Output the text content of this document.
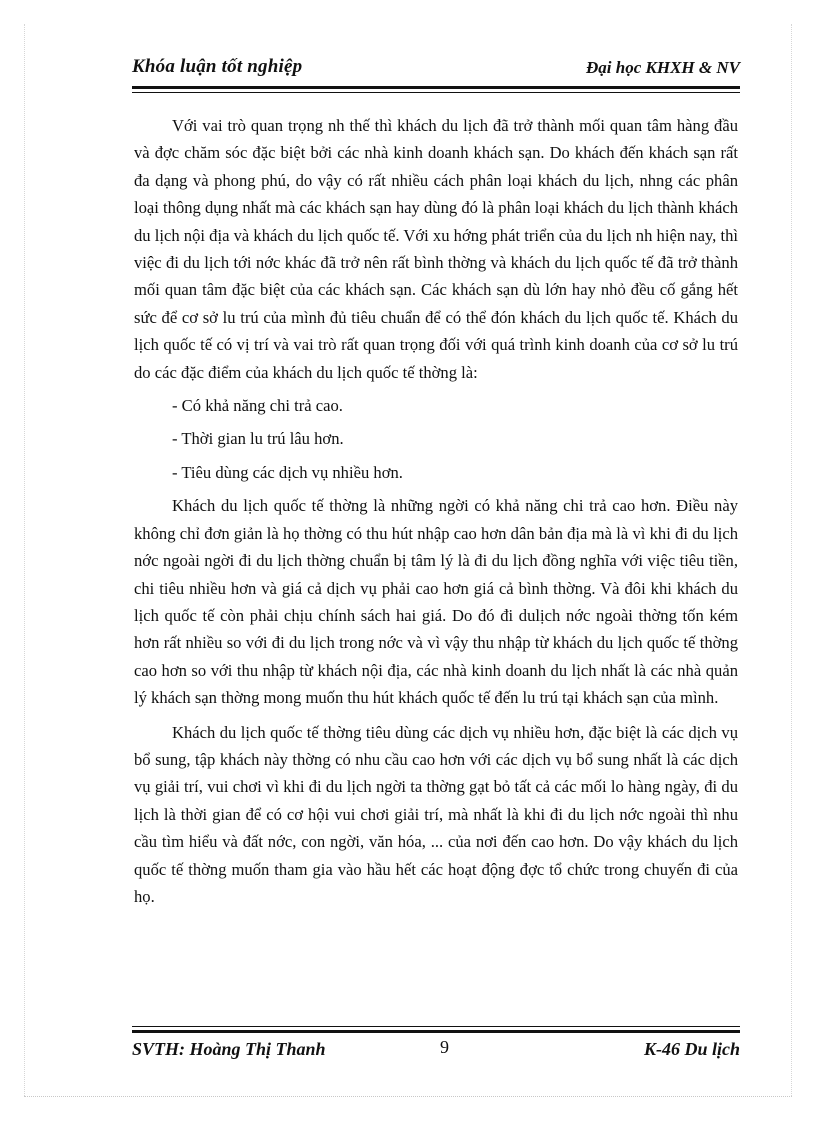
Khóa luận tốt nghiệp	Đại học KHXH & NV

Với vai trò quan trọng nh thế thì khách du lịch đã trở thành mối quan tâm hàng đầu và đợc chăm sóc đặc biệt bởi các nhà kinh doanh khách sạn. Do khách đến khách sạn rất đa dạng và phong phú, do vậy có rất nhiều cách phân loại khách du lịch, nhng các phân loại thông dụng nhất mà các khách sạn hay dùng đó là phân loại khách du lịch thành khách du lịch nội địa và khách du lịch quốc tế. Với xu hớng phát triển của du lịch nh hiện nay, thì việc đi du lịch tới nớc khác đã trở nên rất bình thờng và khách du lịch quốc tế đã trở thành mối quan tâm đặc biệt của các khách sạn. Các khách sạn dù lớn hay nhỏ đều cố gắng hết sức để cơ sở lu trú của mình đủ tiêu chuẩn để có thể đón khách du lịch quốc tế. Khách du lịch quốc tế có vị trí và vai trò rất quan trọng đối với quá trình kinh doanh của cơ sở lu trú do các đặc điểm của khách du lịch quốc tế thờng là:

- Có khả năng chi trả cao.

- Thời gian lu trú lâu hơn.

- Tiêu dùng các dịch vụ nhiều hơn.

Khách du lịch quốc tế thờng là những ngời có khả năng chi trả cao hơn. Điều này không chỉ đơn giản là họ thờng có thu hút nhập cao hơn dân bản địa mà là vì khi đi du lịch nớc ngoài ngời đi du lịch thờng chuẩn bị tâm lý là đi du lịch đồng nghĩa với việc tiêu tiền, chi tiêu nhiều hơn và giá cả dịch vụ phải cao hơn giá cả bình thờng. Và đôi khi khách du lịch quốc tế còn phải chịu chính sách hai giá. Do đó đi dulịch nớc ngoài thờng tốn kém hơn rất nhiều so với đi du lịch trong nớc và vì vậy thu nhập từ khách du lịch quốc tế thờng cao hơn so với thu nhập từ khách nội địa, các nhà kinh doanh du lịch nhất là các nhà quản lý khách sạn thờng mong muốn thu hút khách quốc tế đến lu trú tại khách sạn của mình.

Khách du lịch quốc tế thờng tiêu dùng các dịch vụ nhiều hơn, đặc biệt là các dịch vụ bổ sung, tập khách này thờng có nhu cầu cao hơn với các dịch vụ bổ sung nhất là các dịch vụ giải trí, vui chơi vì khi đi du lịch ngời ta thờng gạt bỏ tất cả các mối lo hàng ngày, đi du lịch là thời gian để có cơ hội vui chơi giải trí, mà nhất là khi đi du lịch nớc ngoài thì nhu cầu tìm hiểu và đất nớc, con ngời, văn hóa, ... của nơi đến cao hơn. Do vậy khách du lịch quốc tế thờng muốn tham gia vào hầu hết các hoạt động đợc tổ chức trong chuyến đi của họ.

SVTH: Hoàng Thị Thanh	9	K-46 Du lịch
